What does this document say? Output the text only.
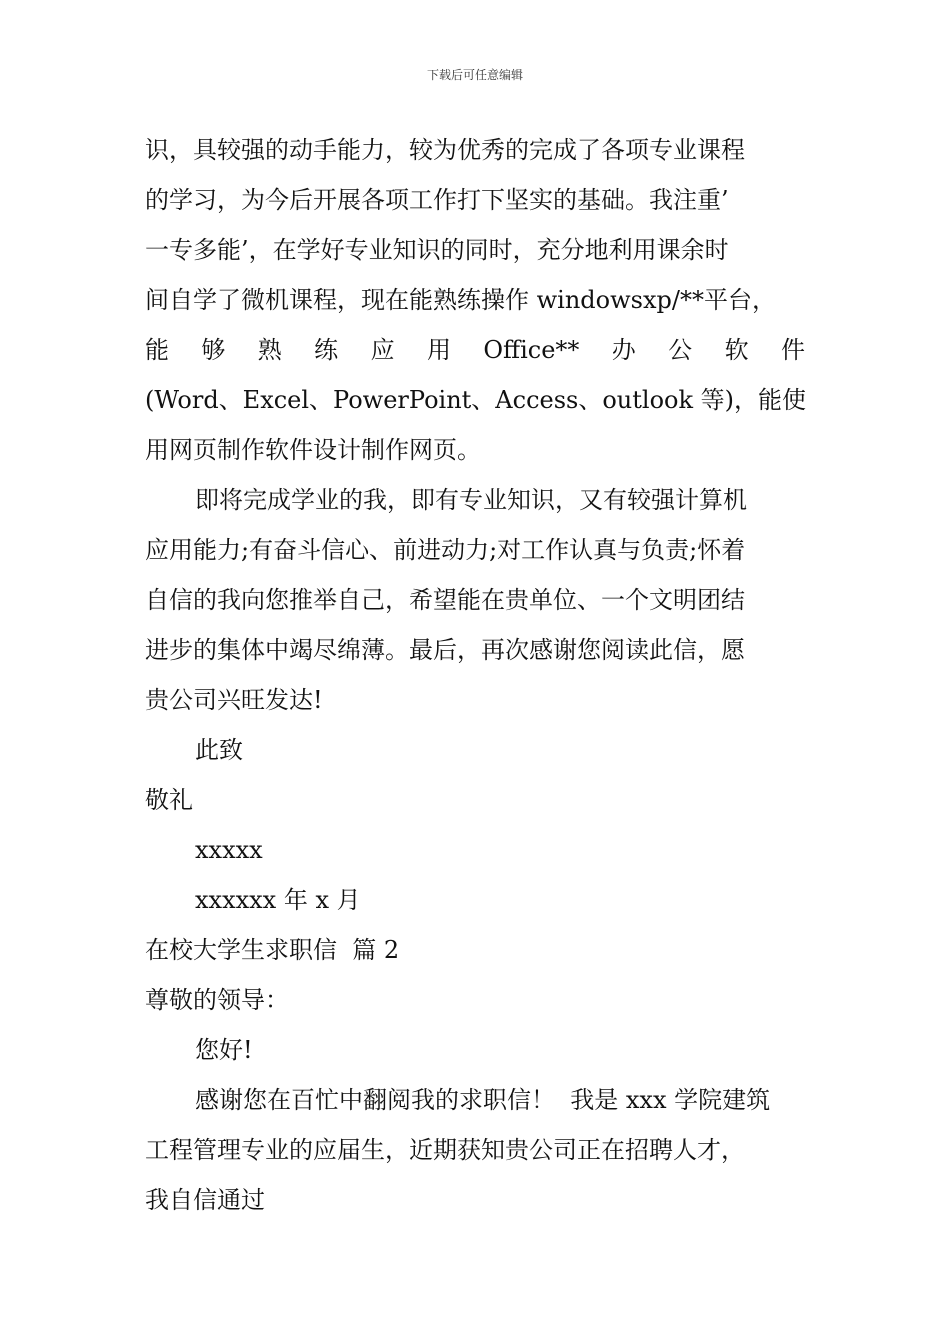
下载后可任意编辑
识，具较强的动手能力，较为优秀的完成了各项专业课程
的学习，为今后开展各项工作打下坚实的基础。我注重’
一专多能’，在学好专业知识的同时，充分地利用课余时
间自学了微机课程，现在能熟练操作 windowsxp/**平台，
能 够 熟 练 应 用 Office** 办 公 软 件
(Word、Excel、PowerPoint、Access、outlook 等)，能使
用网页制作软件设计制作网页。
即将完成学业的我，即有专业知识，又有较强计算机
应用能力;有奋斗信心、前进动力;对工作认真与负责;怀着
自信的我向您推举自己，希望能在贵单位、一个文明团结
进步的集体中竭尽绵薄。最后，再次感谢您阅读此信，愿
贵公司兴旺发达!
此致
敬礼
xxxxx
xxxxxx 年 x 月
在校大学生求职信  篇 2
尊敬的领导：
您好!
感谢您在百忙中翻阅我的求职信！  我是 xxx 学院建筑
工程管理专业的应届生，近期获知贵公司正在招聘人才，
我自信通过
